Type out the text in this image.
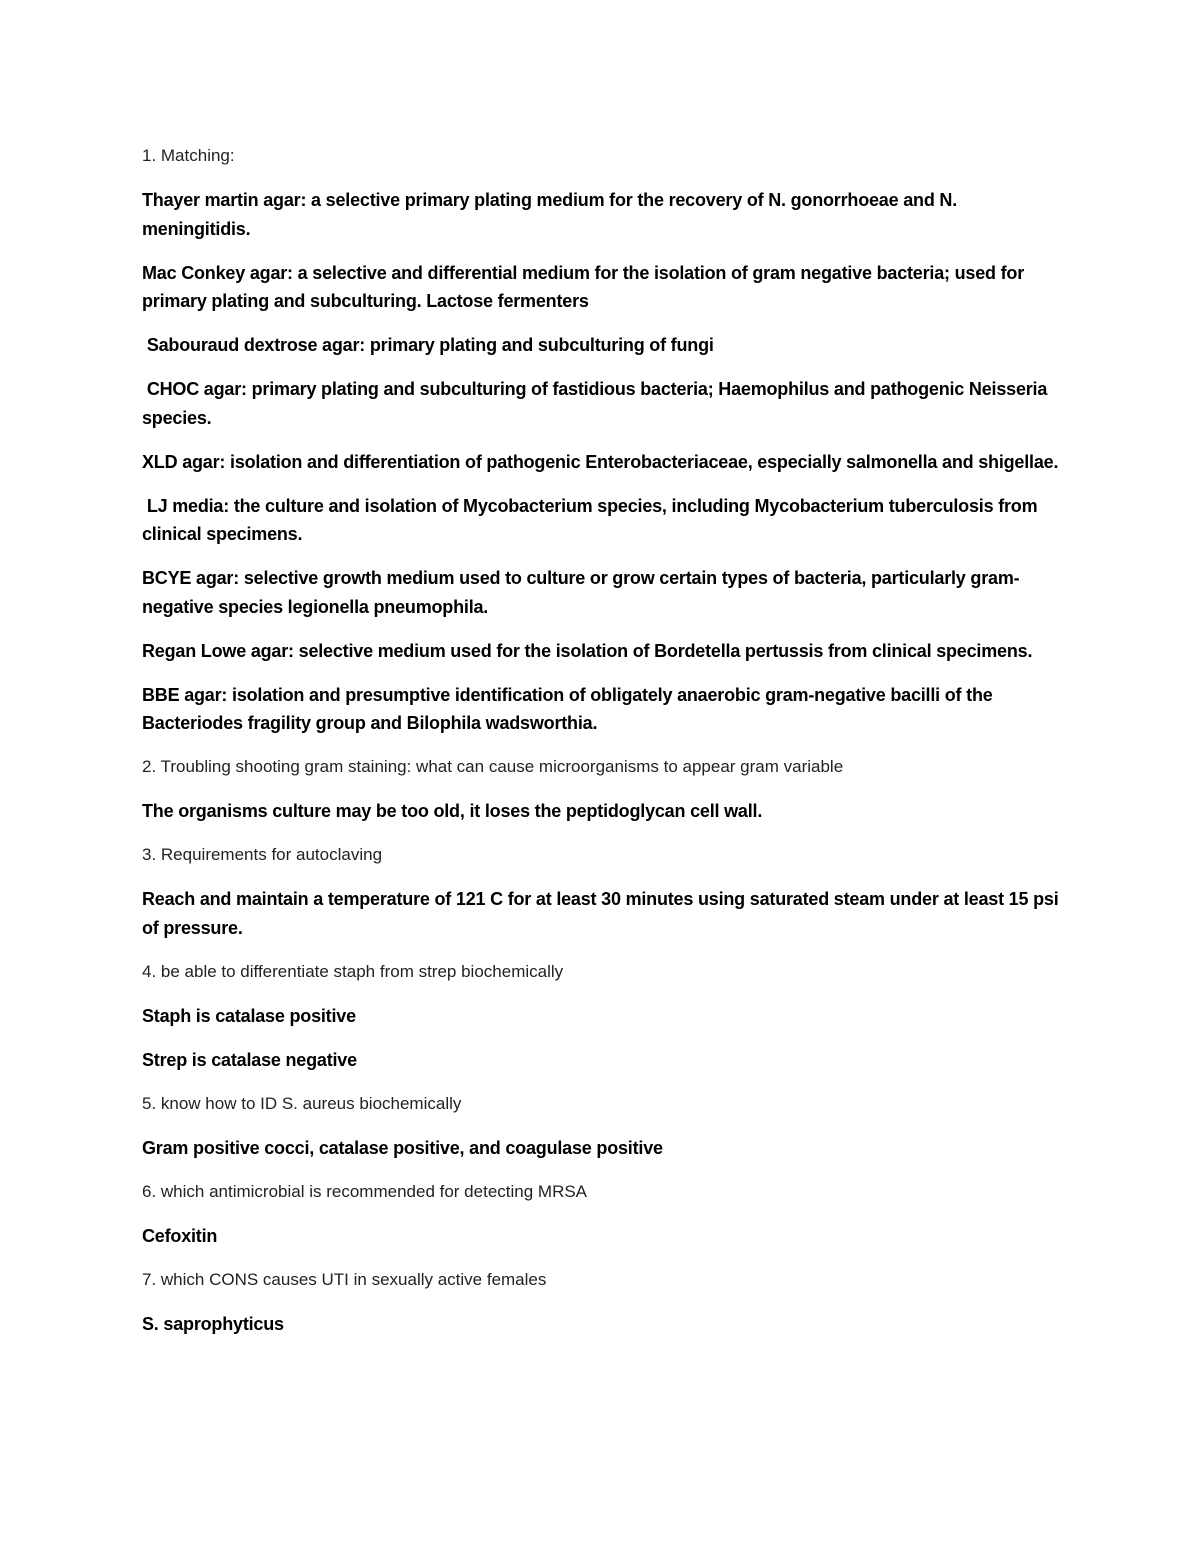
1. Matching:

Thayer martin agar: a selective primary plating medium for the recovery of N. gonorrhoeae and N. meningitidis.

Mac Conkey agar: a selective and differential medium for the isolation of gram negative bacteria; used for primary plating and subculturing. Lactose fermenters

Sabouraud dextrose agar: primary plating and subculturing of fungi

CHOC agar: primary plating and subculturing of fastidious bacteria; Haemophilus and pathogenic Neisseria species.

XLD agar: isolation and differentiation of pathogenic Enterobacteriaceae, especially salmonella and shigellae.

LJ media: the culture and isolation of Mycobacterium species, including Mycobacterium tuberculosis from clinical specimens.

BCYE agar: selective growth medium used to culture or grow certain types of bacteria, particularly gram-negative species legionella pneumophila.

Regan Lowe agar: selective medium used for the isolation of Bordetella pertussis from clinical specimens.

BBE agar: isolation and presumptive identification of obligately anaerobic gram-negative bacilli of the Bacteriodes fragility group and Bilophila wadsworthia.

2. Troubling shooting gram staining: what can cause microorganisms to appear gram variable

The organisms culture may be too old, it loses the peptidoglycan cell wall.

3. Requirements for autoclaving

Reach and maintain a temperature of 121 C for at least 30 minutes using saturated steam under at least 15 psi of pressure.

4. be able to differentiate staph from strep biochemically

Staph is catalase positive

Strep is catalase negative

5. know how to ID S. aureus biochemically

Gram positive cocci, catalase positive, and coagulase positive

6. which antimicrobial is recommended for detecting MRSA

Cefoxitin

7. which CONS causes UTI in sexually active females

S. saprophyticus
